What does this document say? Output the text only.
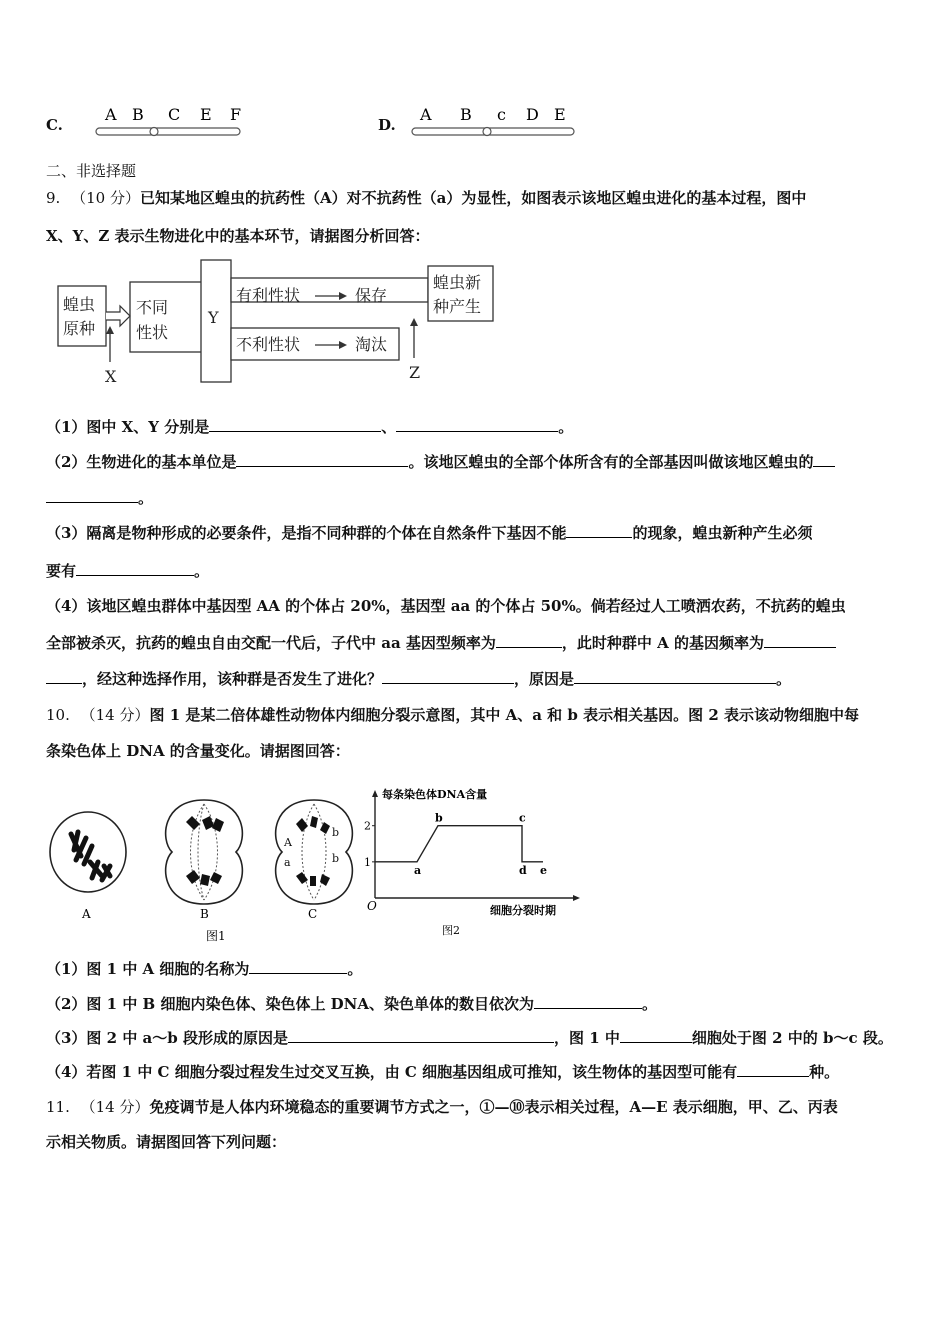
C.
A B C E F
D.
A B c D E
二、非选择题
9. （10 分）已知某地区蝗虫的抗药性（A）对不抗药性（a）为显性，如图表示该地区蝗虫进化的基本过程，图中
X、Y、Z 表示生物进化中的基本环节，请据图分析回答：
蝗虫
原种
不同
性状
Y
有利性状	保存
不利性状	淘汰
蝗虫新
种产生
X	Z
（1）图中 X、Y 分别是	、	。
（2）生物进化的基本单位是	。该地区蝗虫的全部个体所含有的全部基因叫做该地区蝗虫的
。
（3）隔离是物种形成的必要条件，是指不同种群的个体在自然条件下基因不能	的现象，蝗虫新种产生必须
要有	。
（4）该地区蝗虫群体中基因型 AA 的个体占 20%，基因型 aa 的个体占 50%。倘若经过人工喷洒农药，不抗药的蝗虫
全部被杀灭，抗药的蝗虫自由交配一代后，子代中 aa 基因型频率为	，此时种群中 A 的基因频率为
，经这种选择作用，该种群是否发生了进化？	，原因是	。
10. （14 分）图 1 是某二倍体雄性动物体内细胞分裂示意图，其中 A、a 和 b 表示相关基因。图 2 表示该动物细胞中每
条染色体上 DNA 的含量变化。请据图回答：
A	B
A
a
b
b
C
图1
每条染色体DNA含量
细胞分裂时期
O
图2
1
2
a
b	c
d e
（1）图 1 中 A 细胞的名称为	。
（2）图 1 中 B 细胞内染色体、染色体上 DNA、染色单体的数目依次为	。
（3）图 2 中 a～b 段形成的原因是	，图 1 中	细胞处于图 2 中的 b～c 段。
（4）若图 1 中 C 细胞分裂过程发生过交叉互换，由 C 细胞基因组成可推知，该生物体的基因型可能有	种。
11. （14 分）免疫调节是人体内环境稳态的重要调节方式之一，①—⑩表示相关过程，A—E 表示细胞，甲、乙、丙表
示相关物质。请据图回答下列问题：
